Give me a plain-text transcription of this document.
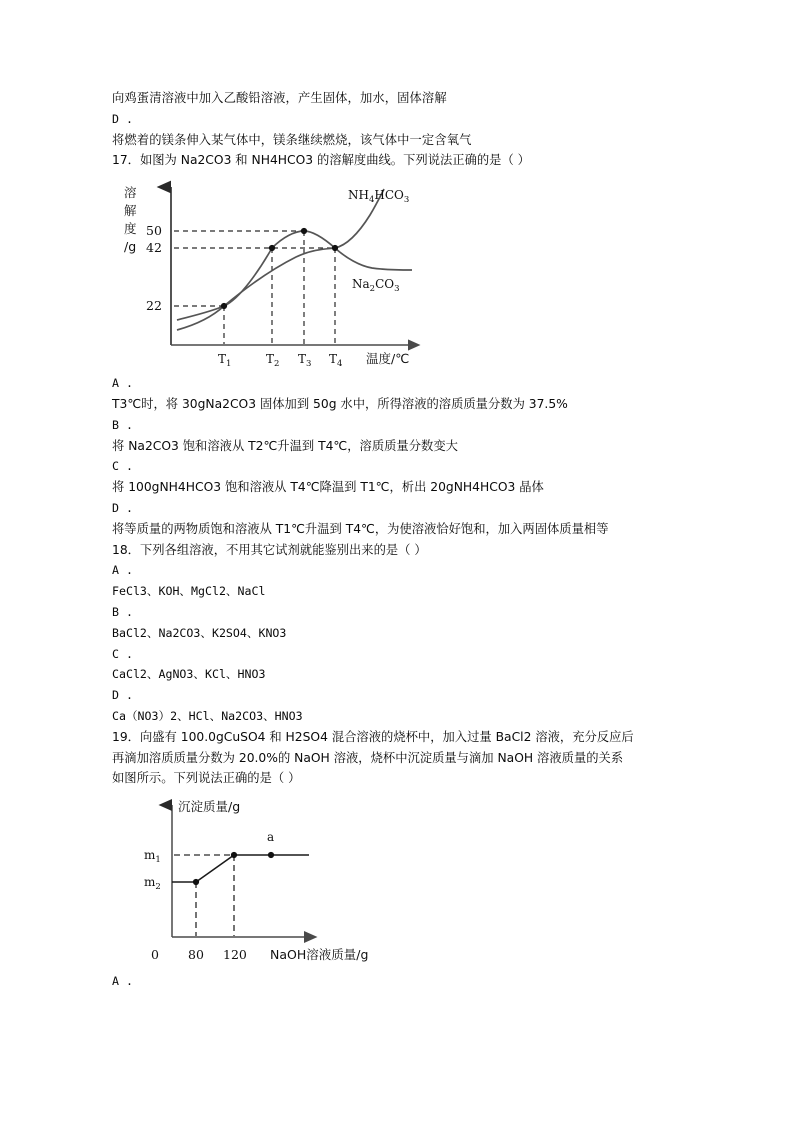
向鸡蛋清溶液中加入乙酸铅溶液，产生固体，加水，固体溶解
D .
将燃着的镁条伸入某气体中，镁条继续燃烧，该气体中一定含氧气
17．如图为 Na2CO3 和 NH4HCO3 的溶解度曲线。下列说法正确的是（ ）
溶
解
度
/g
50
42
22
$T_1$	$T_2$ $T_3$ $T_4$ 温度/℃
$NH_4HCO_3$
$Na_2CO_3$
A .
T3℃时，将 30gNa2CO3 固体加到 50g 水中，所得溶液的溶质质量分数为 37.5%
B .
将 Na2CO3 饱和溶液从 T2℃升温到 T4℃，溶质质量分数变大
C .
将 100gNH4HCO3 饱和溶液从 T4℃降温到 T1℃，析出 20gNH4HCO3 晶体
D .
将等质量的两物质饱和溶液从 T1℃升温到 T4℃，为使溶液恰好饱和，加入两固体质量相等
18．下列各组溶液，不用其它试剂就能鉴别出来的是（ ）
A .
FeCl3、KOH、MgCl2、NaCl
B .
BaCl2、Na2CO3、K2SO4、KNO3
C .
CaCl2、AgNO3、KCl、HNO3
D .
Ca（NO3）2、HCl、Na2CO3、HNO3
19．向盛有 100.0gCuSO4 和 H2SO4 混合溶液的烧杯中，加入过量 BaCl2 溶液，充分反应后
再滴加溶质质量分数为 20.0%的 NaOH 溶液，烧杯中沉淀质量与滴加 NaOH 溶液质量的关系
如图所示。下列说法正确的是（ ）
沉淀质量/g
$m_1$
$m_2$
a
0 80 120 NaOH溶液质量/g
A .
